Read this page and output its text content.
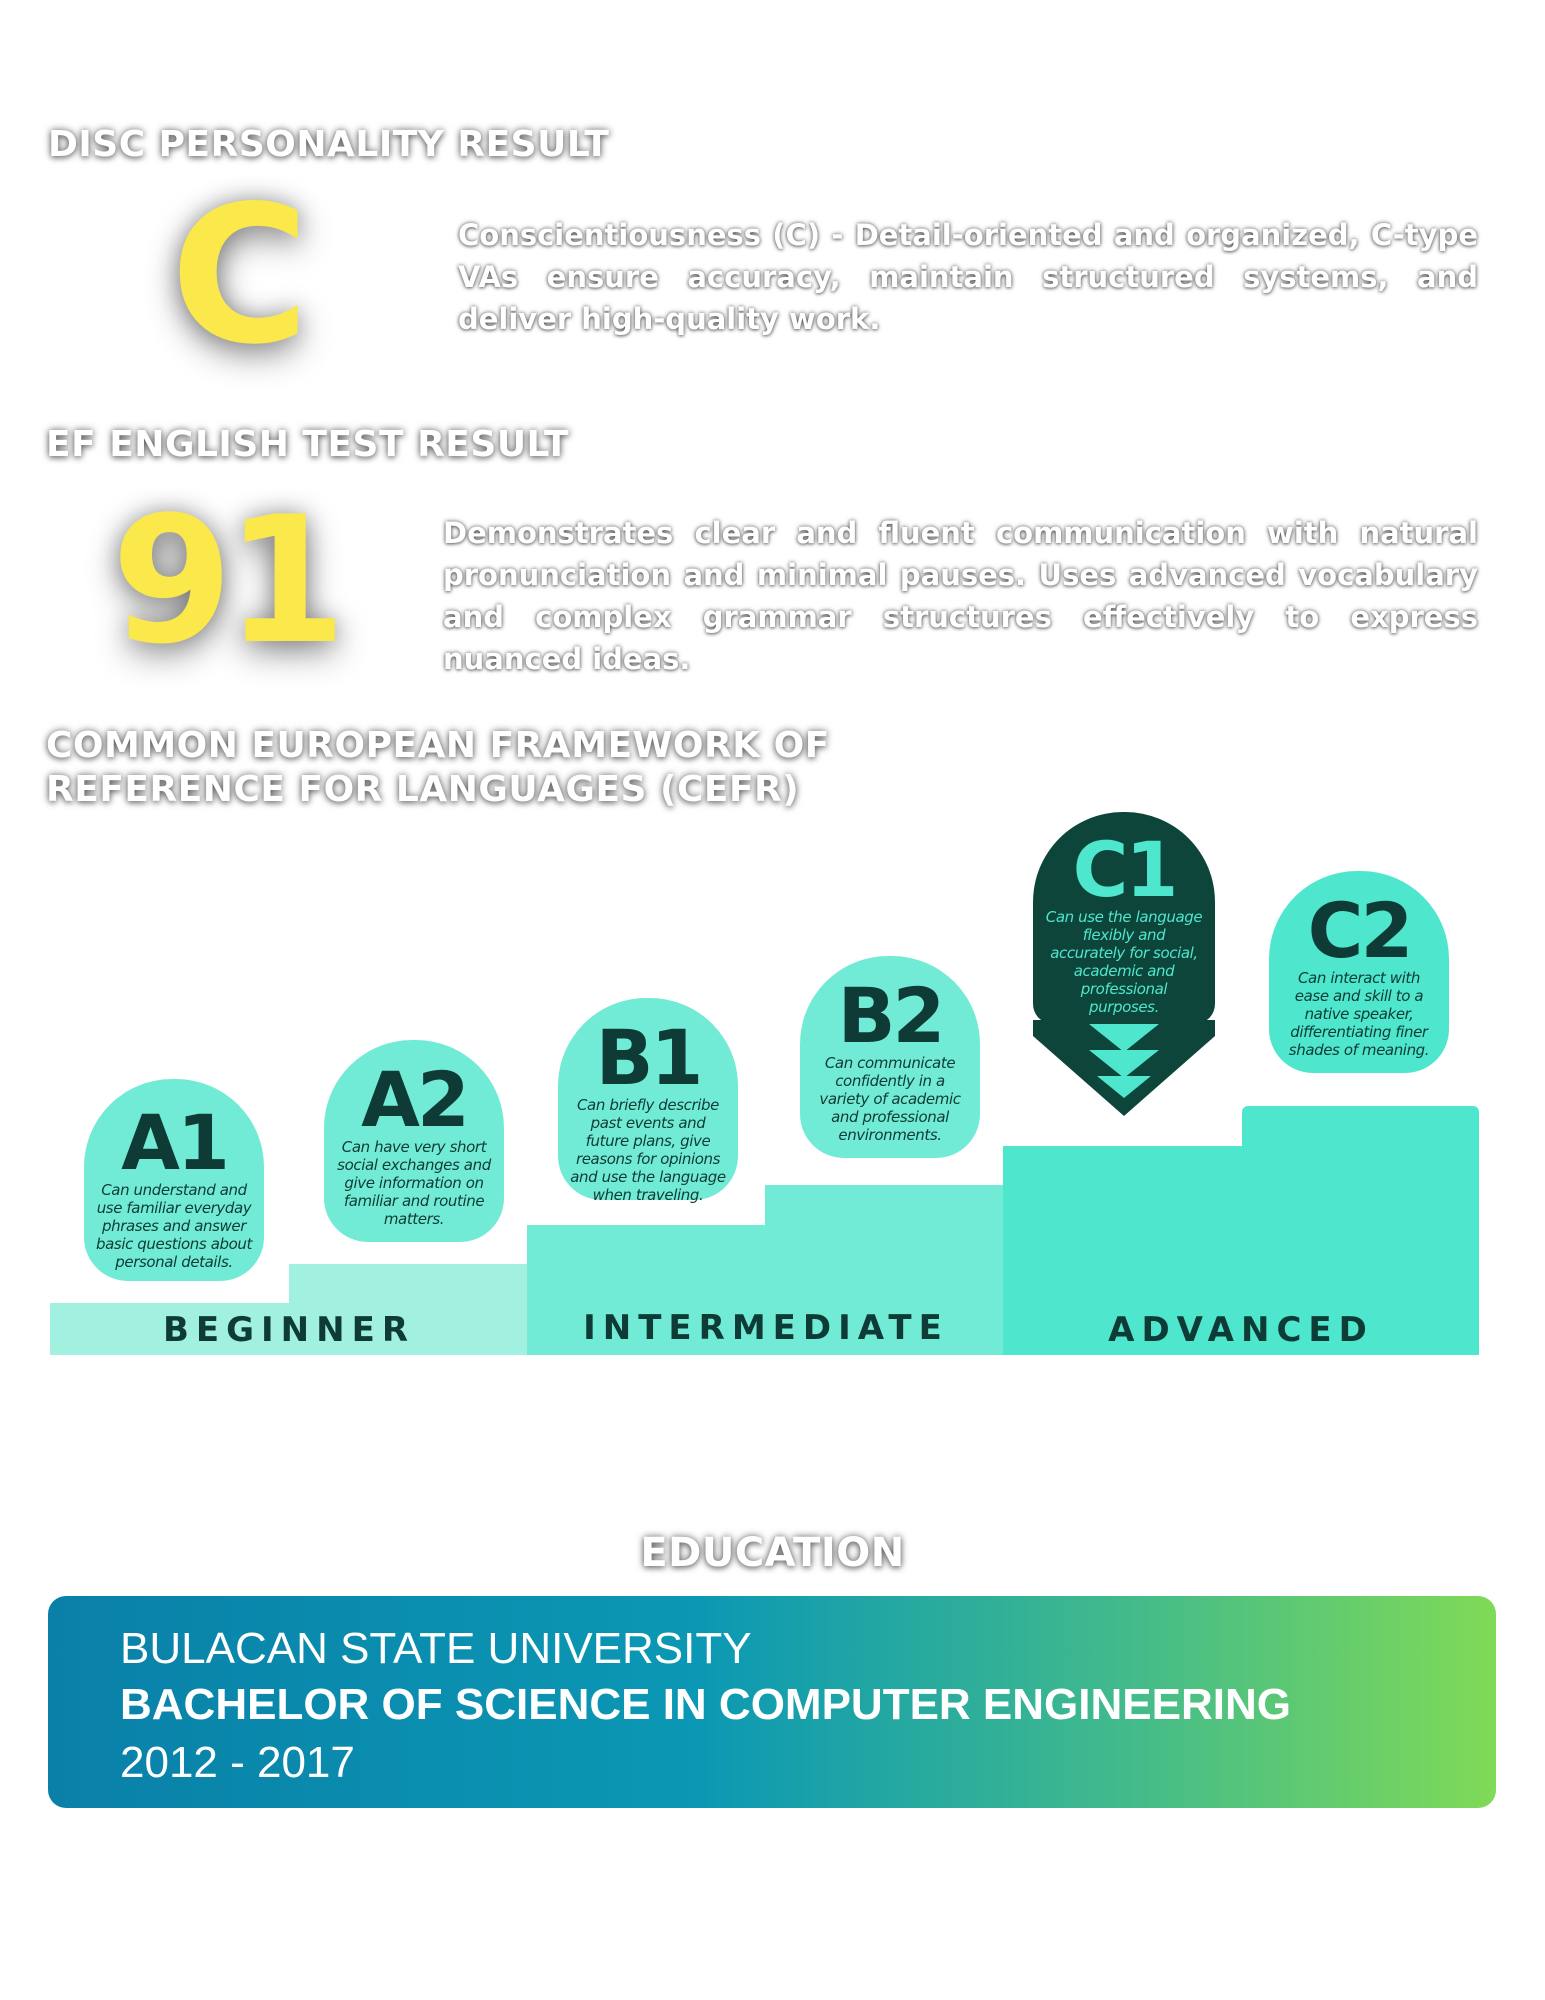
DISC PERSONALITY RESULT
C	Conscientiousness (C) - Detail-oriented and organized, C-type VAs ensure accuracy, maintain structured systems, and deliver high-quality work.
EF ENGLISH TEST RESULT
91	Demonstrates clear and fluent communication with natural pronunciation and minimal pauses. Uses advanced vocabulary and complex grammar structures effectively to express nuanced ideas.
COMMON EUROPEAN FRAMEWORK OF
REFERENCE FOR LANGUAGES (CEFR)
BEGINNER	INTERMEDIATE	ADVANCED
A1
Can understand and use familiar everyday phrases and answer basic questions about personal details.
A2
Can have very short social exchanges and give information on familiar and routine matters.
B1
Can briefly describe past events and future plans, give reasons for opinions and use the language when traveling.
B2
Can communicate confidently in a variety of academic and professional environments.
C1
Can use the language flexibly and accurately for social, academic and professional purposes.
C2
Can interact with ease and skill to a native speaker, differentiating finer shades of meaning.
EDUCATION
BULACAN STATE UNIVERSITY
BACHELOR OF SCIENCE IN COMPUTER ENGINEERING
2012 - 2017
